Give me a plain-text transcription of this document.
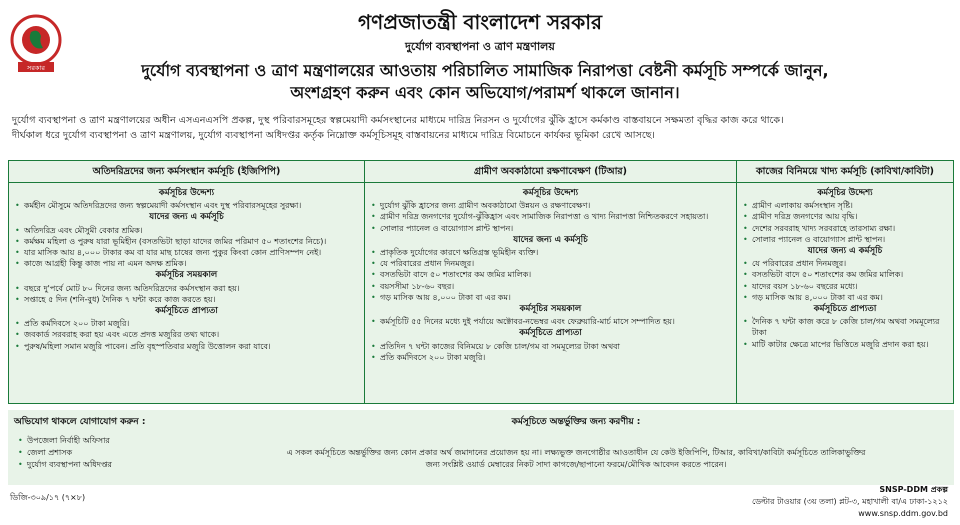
সরকার
গণপ্রজাতন্ত্রী বাংলাদেশ সরকার
দুর্যোগ ব্যবস্থাপনা ও ত্রাণ মন্ত্রণালয়
দুর্যোগ ব্যবস্থাপনা ও ত্রাণ মন্ত্রণালয়ের আওতায় পরিচালিত সামাজিক নিরাপত্তা বেষ্টনী কর্মসূচি সম্পর্কে জানুন,
অংশগ্রহণ করুন এবং কোন অভিযোগ/পরামর্শ থাকলে জানান।
দুর্যোগ ব্যবস্থাপনা ও ত্রাণ মন্ত্রণালয়ের অধীন এসএনএসপি প্রকল্প, দুস্থ পরিবারসমূহের স্বল্পমেয়াদী কর্মসংস্থানের মাধ্যমে দারিদ্র নিরসন ও দুর্যোগের ঝুঁকি হ্রাসে কর্মকাণ্ড বাস্তবায়নে সক্ষমতা বৃদ্ধির কাজ করে থাকে।
দীর্ঘকাল ধরে দুর্যোগ ব্যবস্থাপনা ও ত্রাণ মন্ত্রণালয়, দুর্যোগ ব্যবস্থাপনা অধিদপ্তর কর্তৃক নিম্নোক্ত কর্মসূচিসমূহ বাস্তবায়নের মাধ্যমে দারিদ্র বিমোচনে কার্যকর ভূমিকা রেখে আসছে।
অতিদরিদ্রদের জন্য কর্মসংস্থান কর্মসূচি (ইজিপিপি)
কর্মসূচির উদ্দেশ্য
• কর্মহীন মৌসুমে অতিদরিদ্রদের জন্য স্বল্পমেয়াদী কর্মসংস্থান এবং দুস্থ পরিবারসমূহের সুরক্ষা।
যাদের জন্য এ কর্মসূচি
• অতিদরিদ্র এবং মৌসুমী বেকার শ্রমিক।
• কর্মক্ষম মহিলা ও পুরুষ যারা ভূমিহীন (বসতভিটা ছাড়া যাদের জমির পরিমাণ ৫০ শতাংশের নিচে)।
• যার মাসিক আয় ৪,০০০ টাকার কম বা যার মাছ চাষের জন্য পুকুর কিংবা কোন প্রাণিসম্পদ নেই।
• কাজে আগ্রহী কিন্তু কাজ পায় না এমন অদক্ষ শ্রমিক।
কর্মসূচির সময়কাল
• বছরে দু'পর্বে মোট ৮০ দিনের জন্য অতিদরিদ্রদের কর্মসংস্থান করা হয়।
• সপ্তাহে ৫ দিন (শনি-বুধ) দৈনিক ৭ ঘন্টা করে কাজ করতে হয়।
কর্মসূচিতে প্রাপ্যতা
• প্রতি কর্মদিবসে ২০০ টাকা মজুরি।
• জবকার্ড সরবরাহ করা হয় এবং এতে প্রদত্ত মজুরির তথ্য থাকে।
• পুরুষ/মহিলা সমান মজুরি পাবেন। প্রতি বৃহস্পতিবার মজুরি উত্তোলন করা যাবে।
গ্রামীণ অবকাঠামো রক্ষণাবেক্ষণ (টিআর)
কর্মসূচির উদ্দেশ্য
• দুর্যোগ ঝুঁকি হ্রাসের জন্য গ্রামীণ অবকাঠামো উন্নয়ন ও রক্ষণাবেক্ষণ।
• গ্রামীণ দরিদ্র জনগণের দুর্যোগ-ঝুঁকিহ্রাস এবং সামাজিক নিরাপত্তা ও খাদ্য নিরাপত্তা নিশ্চিতকরণে সহায়তা।
• সোলার প্যানেল ও বায়োগ্যাস প্লান্ট স্থাপন।
যাদের জন্য এ কর্মসূচি
• প্রাকৃতিক দুর্যোগের কারণে ক্ষতিগ্রস্ত ভূমিহীন ব্যক্তি।
• যে পরিবারের প্রধান দিনমজুর।
• বসতভিটা বাদে ৫০ শতাংশের কম জমির মালিক।
• বয়সসীমা ১৮-৬০ বছর।
• গড় মাসিক আয় ৪,০০০ টাকা বা এর কম।
কর্মসূচির সময়কাল
• কর্মসূচিটি ৫৫ দিনের মধ্যে দুই পর্যায়ে অক্টোবর-নভেম্বর এবং ফেব্রুয়ারি-মার্চ মাসে সম্পাদিত হয়।
কর্মসূচিতে প্রাপ্যতা
• প্রতিদিন ৭ ঘন্টা কাজের বিনিময়ে ৮ কেজি চাল/গম বা সমমূল্যের টাকা অথবা
• প্রতি কর্মদিবসে ২০০ টাকা মজুরি।
কাজের বিনিময়ে খাদ্য কর্মসূচি (কাবিখা/কাবিটা)
কর্মসূচির উদ্দেশ্য
• গ্রামীণ এলাকায় কর্মসংস্থান সৃষ্টি।
• গ্রামীণ দরিদ্র জনগণের আয় বৃদ্ধি।
• দেশের সরবরাহ খাদ্য সরবরাহে তারসাম্য রক্ষা।
• সোলার প্যানেল ও বায়োগ্যাস প্লান্ট স্থাপন।
যাদের জন্য এ কর্মসূচি
• যে পরিবারের প্রধান দিনমজুর।
• বসতভিটা বাদে ৫০ শতাংশের কম জমির মালিক।
• যাদের বয়স ১৮-৬০ বছরের মধ্যে।
• গড় মাসিক আয় ৪,০০০ টাকা বা এর কম।
কর্মসূচিতে প্রাপ্যতা
• দৈনিক ৭ ঘন্টা কাজ করে ৮ কেজি চাল/গম অথবা সমমূল্যের টাকা
• মাটি কাটার ক্ষেত্রে মাপের ভিত্তিতে মজুরি প্রদান করা হয়।
অভিযোগ থাকলে যোগাযোগ করুন :
• উপজেলা নির্বাহী অফিসার
• জেলা প্রশাসক
• দুর্যোগ ব্যবস্থাপনা অধিদপ্তর
কর্মসূচিতে অন্তর্ভুক্তির জন্য করণীয় :
এ সকল কর্মসূচিতে অন্তর্ভুক্তির জন্য কোন প্রকার অর্থ জমাদানের প্রয়োজন হয় না। লক্ষ্যভুক্ত জনগোষ্ঠীর আওতাধীন যে কেউ ইজিপিপি, টিআর, কাবিখা/কাবিটা কর্মসূচিতে তালিকাভুক্তির
জন্য সংশ্লিষ্ট ওয়ার্ড মেম্বারের নিকট সাদা কাগজে/ছাপানো ফরমে/মৌখিক আবেদন করতে পারেন।
ডিজি-৩০৯/১৭ (৭×৮)
SNSP-DDM প্রকল্প
ডেল্টার টাওয়ার (৩য় তলা) প্লট-৩, মহাখালী বা/এ ঢাকা-১২১২
www.snsp.ddm.gov.bd
